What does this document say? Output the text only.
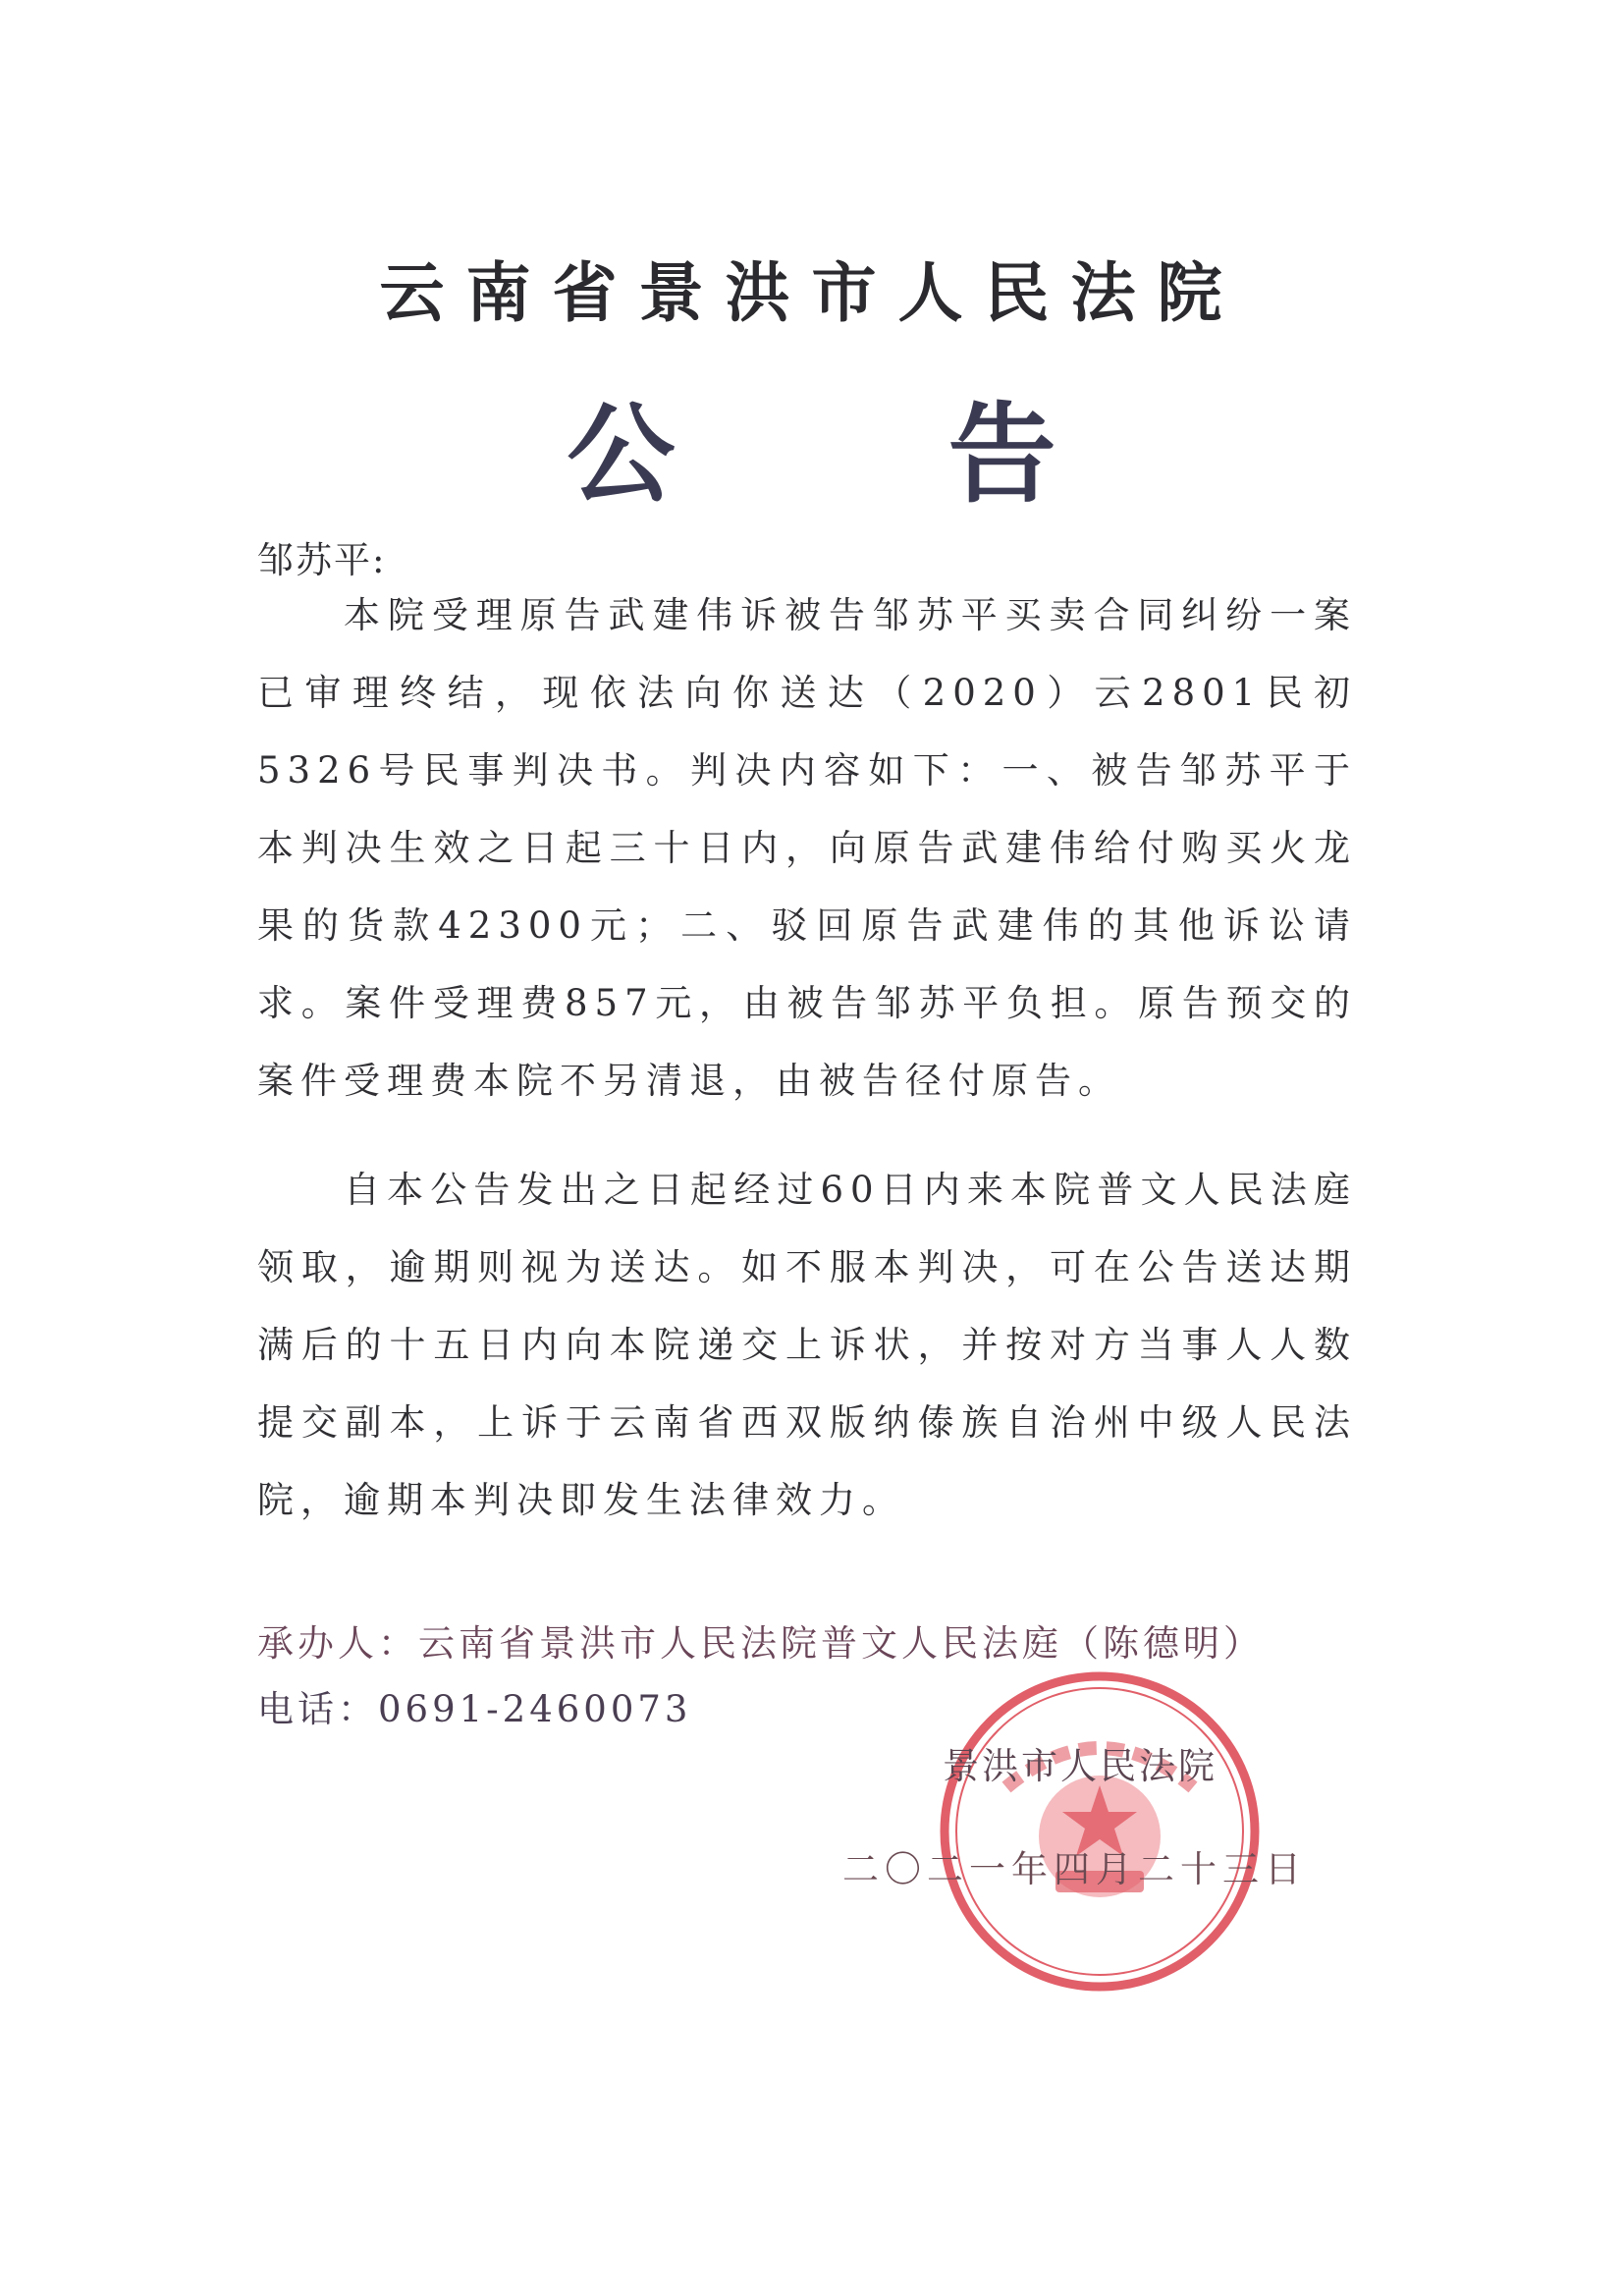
云南省景洪市人民法院
公 告
邹苏平:
本院受理原告武建伟诉被告邹苏平买卖合同纠纷一案已审理终结，现依法向你送达（2020）云2801民初5326号民事判决书。判决内容如下：一、被告邹苏平于本判决生效之日起三十日内，向原告武建伟给付购买火龙果的货款42300元；二、驳回原告武建伟的其他诉讼请求。案件受理费857元，由被告邹苏平负担。原告预交的案件受理费本院不另清退，由被告径付原告。
自本公告发出之日起经过60日内来本院普文人民法庭领取，逾期则视为送达。如不服本判决，可在公告送达期满后的十五日内向本院递交上诉状，并按对方当事人人数提交副本，上诉于云南省西双版纳傣族自治州中级人民法院，逾期本判决即发生法律效力。
承办人：云南省景洪市人民法院普文人民法庭（陈德明）
电话：0691-2460073
景洪市人民法院
二〇二一年四月二十三日
